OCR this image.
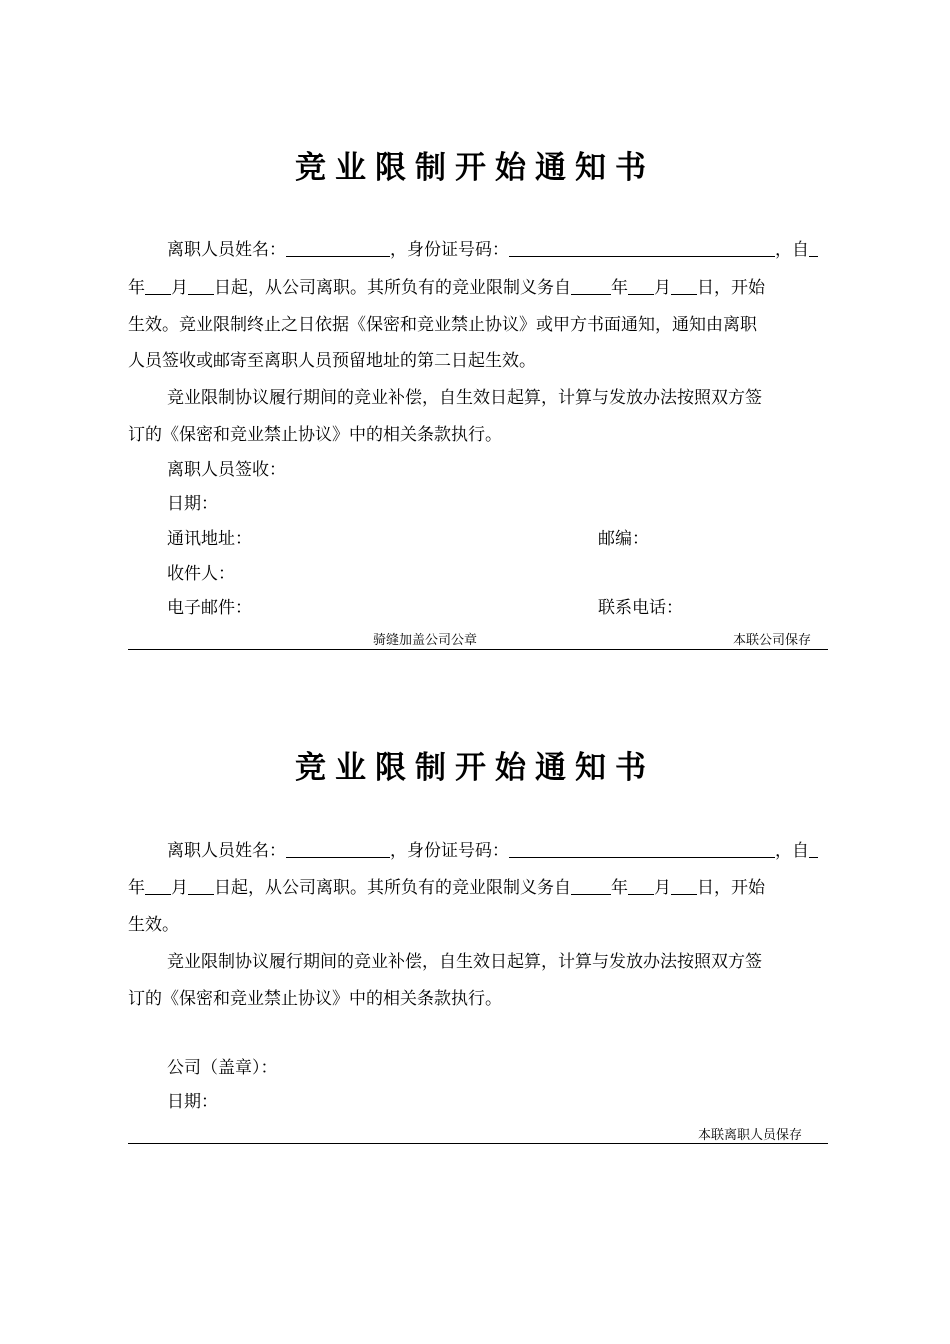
竞业限制开始通知书
离职人员姓名：	，身份证号码：	，自
年 月 日起，从公司离职。其所负有的竞业限制义务自 年 月 日，开始
生效。竞业限制终止之日依据《保密和竞业禁止协议》或甲方书面通知，通知由离职
人员签收或邮寄至离职人员预留地址的第二日起生效。
竞业限制协议履行期间的竞业补偿，自生效日起算，计算与发放办法按照双方签
订的《保密和竞业禁止协议》中的相关条款执行。
离职人员签收：
日期：
通讯地址：	邮编：
收件人：
电子邮件：	联系电话：
骑缝加盖公司公章	本联公司保存
竞业限制开始通知书
离职人员姓名：	，身份证号码：	，自
年 月 日起，从公司离职。其所负有的竞业限制义务自 年 月 日，开始
生效。
竞业限制协议履行期间的竞业补偿，自生效日起算，计算与发放办法按照双方签
订的《保密和竞业禁止协议》中的相关条款执行。
公司（盖章）：
日期：
本联离职人员保存
